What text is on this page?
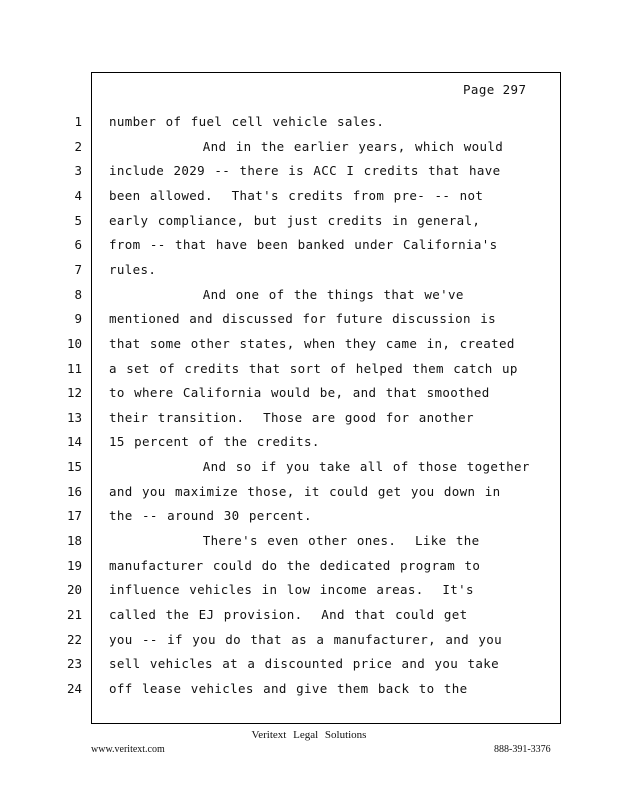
Page 297
1 number of fuel cell vehicle sales.
2 And in the earlier years, which would
3 include 2029 -- there is ACC I credits that have
4 been allowed.  That's credits from pre- -- not
5 early compliance, but just credits in general,
6 from -- that have been banked under California's
7 rules.
8 And one of the things that we've
9 mentioned and discussed for future discussion is
10 that some other states, when they came in, created
11 a set of credits that sort of helped them catch up
12 to where California would be, and that smoothed
13 their transition.  Those are good for another
14 15 percent of the credits.
15 And so if you take all of those together
16 and you maximize those, it could get you down in
17 the -- around 30 percent.
18 There's even other ones.  Like the
19 manufacturer could do the dedicated program to
20 influence vehicles in low income areas.  It's
21 called the EJ provision.  And that could get
22 you -- if you do that as a manufacturer, and you
23 sell vehicles at a discounted price and you take
24 off lease vehicles and give them back to the
Veritext Legal Solutions
www.veritext.com	888-391-3376
